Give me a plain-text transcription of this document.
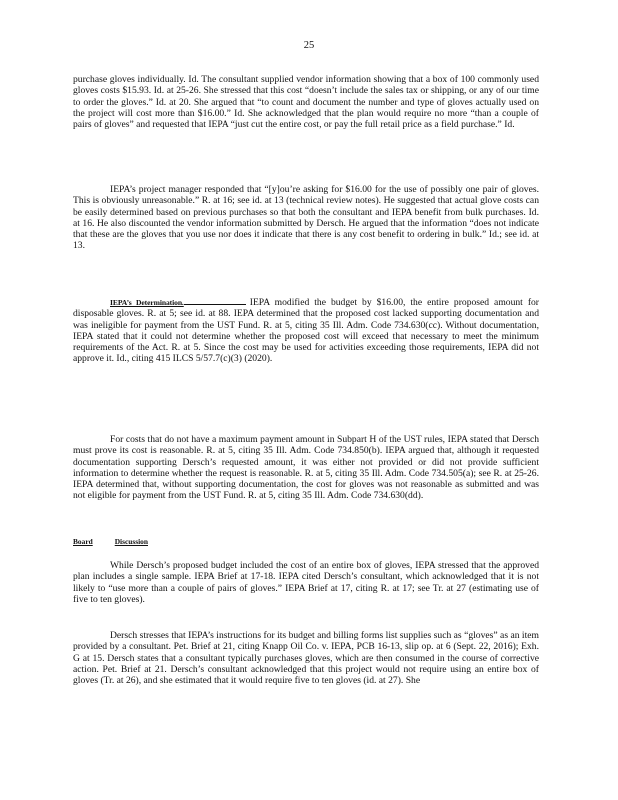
25

purchase gloves individually. Id. The consultant supplied vendor information showing that a box of 100 commonly used gloves costs $15.93. Id. at 25-26. She stressed that this cost “doesn’t include the sales tax or shipping, or any of our time to order the gloves.” Id. at 20. She argued that “to count and document the number and type of gloves actually used on the project will cost more than $16.00.” Id. She acknowledged that the plan would require no more “than a couple of pairs of gloves” and requested that IEPA “just cut the entire cost, or pay the full retail price as a field purchase.” Id.

IEPA’s project manager responded that “[y]ou’re asking for $16.00 for the use of possibly one pair of gloves. This is obviously unreasonable.” R. at 16; see id. at 13 (technical review notes). He suggested that actual glove costs can be easily determined based on previous purchases so that both the consultant and IEPA benefit from bulk purchases. Id. at 16. He also discounted the vendor information submitted by Dersch. He argued that the information “does not indicate that these are the gloves that you use nor does it indicate that there is any cost benefit to ordering in bulk.” Id.; see id. at 13.

IEPA’s Determination.	IEPA modified the budget by $16.00, the entire proposed amount for disposable gloves. R. at 5; see id. at 88. IEPA determined that the proposed cost lacked supporting documentation and was ineligible for payment from the UST Fund. R. at 5, citing 35 Ill. Adm. Code 734.630(cc). Without documentation, IEPA stated that it could not determine whether the proposed cost will exceed that necessary to meet the minimum requirements of the Act. R. at 5. Since the cost may be used for activities exceeding those requirements, IEPA did not approve it. Id., citing 415 ILCS 5/57.7(c)(3) (2020).

For costs that do not have a maximum payment amount in Subpart H of the UST rules, IEPA stated that Dersch must prove its cost is reasonable. R. at 5, citing 35 Ill. Adm. Code 734.850(b). IEPA argued that, although it requested documentation supporting Dersch’s requested amount, it was either not provided or did not provide sufficient information to determine whether the request is reasonable. R. at 5, citing 35 Ill. Adm. Code 734.505(a); see R. at 25-26. IEPA determined that, without supporting documentation, the cost for gloves was not reasonable as submitted and was not eligible for payment from the UST Fund. R. at 5, citing 35 Ill. Adm. Code 734.630(dd).

Board	Discussion

While Dersch’s proposed budget included the cost of an entire box of gloves, IEPA stressed that the approved plan includes a single sample. IEPA Brief at 17-18. IEPA cited Dersch’s consultant, which acknowledged that it is not likely to “use more than a couple of pairs of gloves.” IEPA Brief at 17, citing R. at 17; see Tr. at 27 (estimating use of five to ten gloves).

Dersch stresses that IEPA’s instructions for its budget and billing forms list supplies such as “gloves” as an item provided by a consultant. Pet. Brief at 21, citing Knapp Oil Co. v. IEPA, PCB 16-13, slip op. at 6 (Sept. 22, 2016); Exh. G at 15. Dersch states that a consultant typically purchases gloves, which are then consumed in the course of corrective action. Pet. Brief at 21. Dersch’s consultant acknowledged that this project would not require using an entire box of gloves (Tr. at 26), and she estimated that it would require five to ten gloves (id. at 27). She
